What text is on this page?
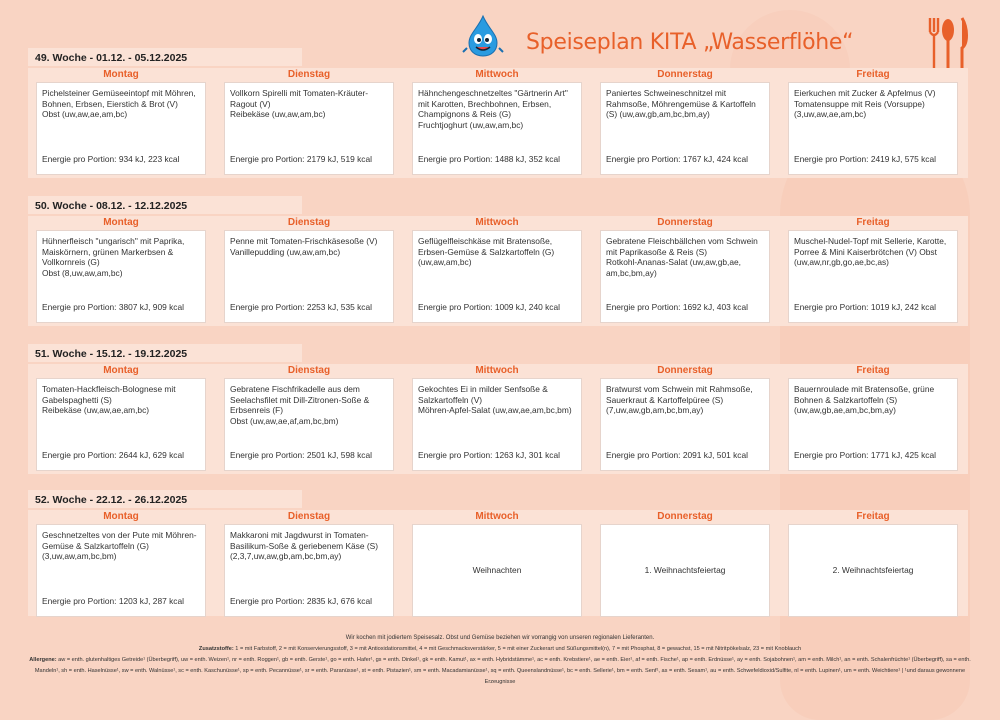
Speiseplan KITA „Wasserflöhe“
49. Woche - 01.12. - 05.12.2025
Montag	Dienstag	Mittwoch	Donnerstag	Freitag
Pichelsteiner Gemüseeintopf mit Möhren, Bohnen, Erbsen, Eierstich & Brot (V)
Obst (uw,aw,ae,am,bc)
Energie pro Portion: 934 kJ, 223 kcal
Vollkorn Spirelli mit Tomaten-Kräuter-Ragout (V)
Reibekäse (uw,aw,am,bc)
Energie pro Portion: 2179 kJ, 519 kcal
Hähnchengeschnetzeltes "Gärtnerin Art" mit Karotten, Brechbohnen, Erbsen, Champignons & Reis (G)
Fruchtjoghurt (uw,aw,am,bc)
Energie pro Portion: 1488 kJ, 352 kcal
Paniertes Schweineschnitzel mit Rahmsoße, Möhrengemüse & Kartoffeln (S) (uw,aw,gb,am,bc,bm,ay)
Energie pro Portion: 1767 kJ, 424 kcal
Eierkuchen mit Zucker & Apfelmus (V)
Tomatensuppe mit Reis (Vorsuppe) (3,uw,aw,ae,am,bc)
Energie pro Portion: 2419 kJ, 575 kcal
50. Woche - 08.12. - 12.12.2025
Montag	Dienstag	Mittwoch	Donnerstag	Freitag
Hühnerfleisch "ungarisch" mit Paprika, Maiskörnern, grünen Markerbsen & Vollkornreis (G)
Obst (8,uw,aw,am,bc)
Energie pro Portion: 3807 kJ, 909 kcal
Penne mit Tomaten-Frischkäsesoße (V) Vanillepudding (uw,aw,am,bc)
Energie pro Portion: 2253 kJ, 535 kcal
Geflügelfleischkäse mit Bratensoße, Erbsen-Gemüse & Salzkartoffeln (G) (uw,aw,am,bc)
Energie pro Portion: 1009 kJ, 240 kcal
Gebratene Fleischbällchen vom Schwein mit Paprikasoße & Reis (S)
Rotkohl-Ananas-Salat (uw,aw,gb,ae, am,bc,bm,ay)
Energie pro Portion: 1692 kJ, 403 kcal
Muschel-Nudel-Topf mit Sellerie, Karotte, Porree & Mini Kaiserbrötchen (V) Obst (uw,aw,nr,gb,go,ae,bc,as)
Energie pro Portion: 1019 kJ, 242 kcal
51. Woche - 15.12. - 19.12.2025
Montag	Dienstag	Mittwoch	Donnerstag	Freitag
Tomaten-Hackfleisch-Bolognese mit Gabelspaghetti (S)
Reibekäse (uw,aw,ae,am,bc)
Energie pro Portion: 2644 kJ, 629 kcal
Gebratene Fischfrikadelle aus dem Seelachsfilet mit Dill-Zitronen-Soße & Erbsenreis (F)
Obst (uw,aw,ae,af,am,bc,bm)
Energie pro Portion: 2501 kJ, 598 kcal
Gekochtes Ei in milder Senfsoße & Salzkartoffeln (V)
Möhren-Apfel-Salat (uw,aw,ae,am,bc,bm)
Energie pro Portion: 1263 kJ, 301 kcal
Bratwurst vom Schwein mit Rahmsoße, Sauerkraut & Kartoffelpüree (S) (7,uw,aw,gb,am,bc,bm,ay)
Energie pro Portion: 2091 kJ, 501 kcal
Bauernroulade mit Bratensoße, grüne Bohnen & Salzkartoffeln (S) (uw,aw,gb,ae,am,bc,bm,ay)
Energie pro Portion: 1771 kJ, 425 kcal
52. Woche - 22.12. - 26.12.2025
Montag	Dienstag	Mittwoch	Donnerstag	Freitag
Geschnetzeltes von der Pute mit Möhren-Gemüse & Salzkartoffeln (G) (3,uw,aw,am,bc,bm)
Energie pro Portion: 1203 kJ, 287 kcal
Makkaroni mit Jagdwurst in Tomaten-Basilikum-Soße & geriebenem Käse (S) (2,3,7,uw,aw,gb,am,bc,bm,ay)
Energie pro Portion: 2835 kJ, 676 kcal
Weihnachten	1. Weihnachtsfeiertag	2. Weihnachtsfeiertag
Wir kochen mit jodiertem Speisesalz. Obst und Gemüse beziehen wir vorrangig von unseren regionalen Lieferanten.
Zusatzstoffe: 1 = mit Farbstoff, 2 = mit Konservierungsstoff, 3 = mit Antioxidationsmittel, 4 = mit Geschmacksverstärker, 5 = mit einer Zuckerart und Süßungsmittel(n), 7 = mit Phosphat, 8 = gewachst, 15 = mit Nitritpökelsalz, 23 = mit Knoblauch
Allergene: aw = enth. glutenhaltiges Getreide¹ (Überbegriff), uw = enth. Weizen¹, nr = enth. Roggen¹, gb = enth. Gerste¹, go = enth. Hafer¹, gs = enth. Dinkel¹, gk = enth. Kamut¹, ax = enth. Hybridstämme¹, ac = enth. Krebstiere¹, ae = enth. Eier¹, af = enth. Fische¹, ap = enth. Erdnüsse¹, ay = enth. Sojabohnen¹, am = enth. Milch¹, an = enth. Schalenfrüchte¹ (Überbegriff), sa = enth. Mandeln¹, sh = enth. Haselnüsse¹, sw = enth. Walnüsse¹, sc = enth. Kaschunüsse¹, sp = enth. Pecannüsse¹, sr = enth. Paranüsse¹, st = enth. Pistazien¹, sm = enth. Macadamianüsse¹, sq = enth. Queenslandnüsse¹, bc = enth. Sellerie¹, bm = enth. Senf¹, as = enth. Sesam¹, au = enth. Schwefeldioxid/Sulfite, nl = enth. Lupinen¹, um = enth. Weichtiere¹ | ¹und daraus gewonnene Erzeugnisse
